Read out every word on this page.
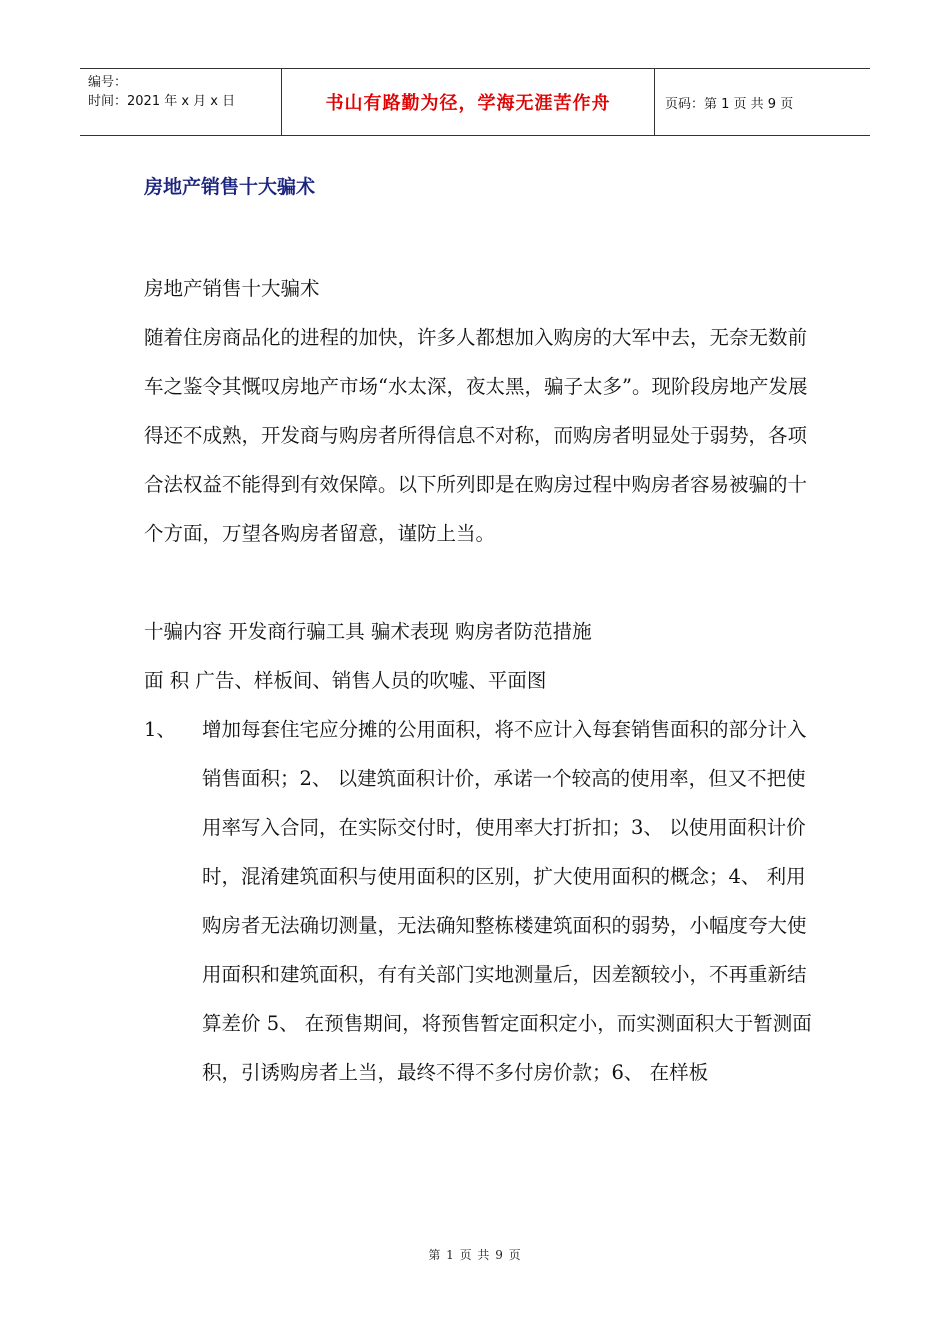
编号：
时间：2021 年 x 月 x 日	书山有路勤为径，学海无涯苦作舟	页码：第 1 页 共 9 页
房地产销售十大骗术

房地产销售十大骗术

随着住房商品化的进程的加快，许多人都想加入购房的大军中去，无奈无数前车之鉴令其慨叹房地产市场“水太深，夜太黑，骗子太多”。现阶段房地产发展得还不成熟，开发商与购房者所得信息不对称，而购房者明显处于弱势，各项合法权益不能得到有效保障。以下所列即是在购房过程中购房者容易被骗的十个方面，万望各购房者留意，谨防上当。

十骗内容 开发商行骗工具 骗术表现 购房者防范措施

面 积 广告、样板间、销售人员的吹嘘、平面图

1、	增加每套住宅应分摊的公用面积，将不应计入每套销售面积的部分计入销售面积；2、 以建筑面积计价，承诺一个较高的使用率，但又不把使用率写入合同，在实际交付时，使用率大打折扣；3、 以使用面积计价时，混淆建筑面积与使用面积的区别，扩大使用面积的概念；4、 利用购房者无法确切测量，无法确知整栋楼建筑面积的弱势，小幅度夸大使用面积和建筑面积，有有关部门实地测量后，因差额较小，不再重新结算差价 5、 在预售期间，将预售暂定面积定小，而实测面积大于暂测面积，引诱购房者上当，最终不得不多付房价款；6、 在样板
第 1 页 共 9 页
